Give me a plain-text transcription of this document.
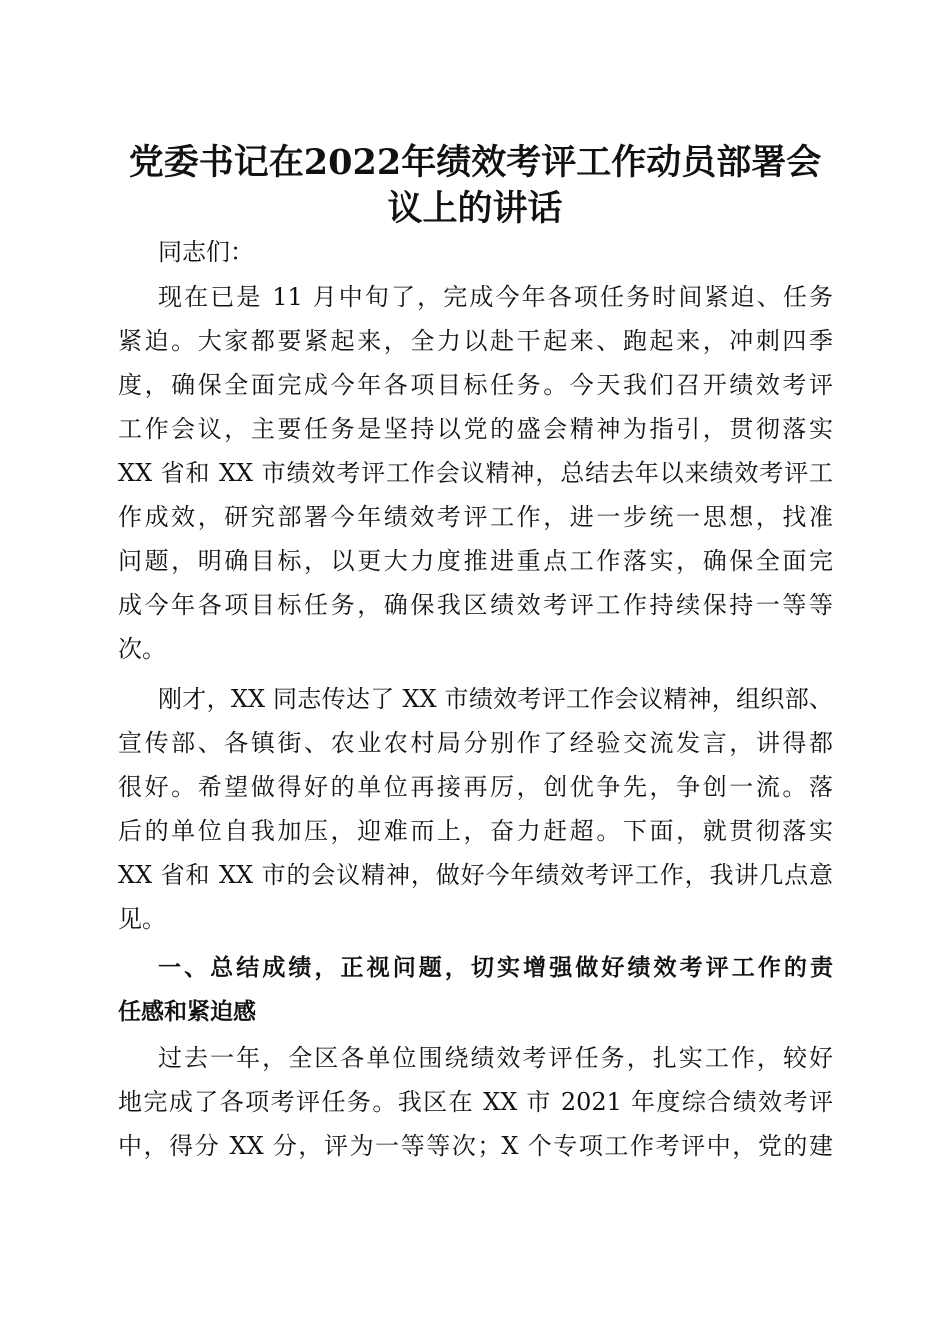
党委书记在2022年绩效考评工作动员部署会
议上的讲话

同志们：

现在已是 11 月中旬了，完成今年各项任务时间紧迫、任务
紧迫。大家都要紧起来，全力以赴干起来、跑起来，冲刺四季
度，确保全面完成今年各项目标任务。今天我们召开绩效考评
工作会议，主要任务是坚持以党的盛会精神为指引，贯彻落实
XX 省和 XX 市绩效考评工作会议精神，总结去年以来绩效考评工
作成效，研究部署今年绩效考评工作，进一步统一思想，找准
问题，明确目标，以更大力度推进重点工作落实，确保全面完
成今年各项目标任务，确保我区绩效考评工作持续保持一等等
次。
刚才，XX 同志传达了 XX 市绩效考评工作会议精神，组织部、
宣传部、各镇街、农业农村局分别作了经验交流发言，讲得都
很好。希望做得好的单位再接再厉，创优争先，争创一流。落
后的单位自我加压，迎难而上，奋力赶超。下面，就贯彻落实
XX 省和 XX 市的会议精神，做好今年绩效考评工作，我讲几点意
见。
一、总结成绩，正视问题，切实增强做好绩效考评工作的责
任感和紧迫感
过去一年，全区各单位围绕绩效考评任务，扎实工作，较好
地完成了各项考评任务。我区在 XX 市 2021 年度综合绩效考评
中，得分 XX 分，评为一等等次；X 个专项工作考评中，党的建
